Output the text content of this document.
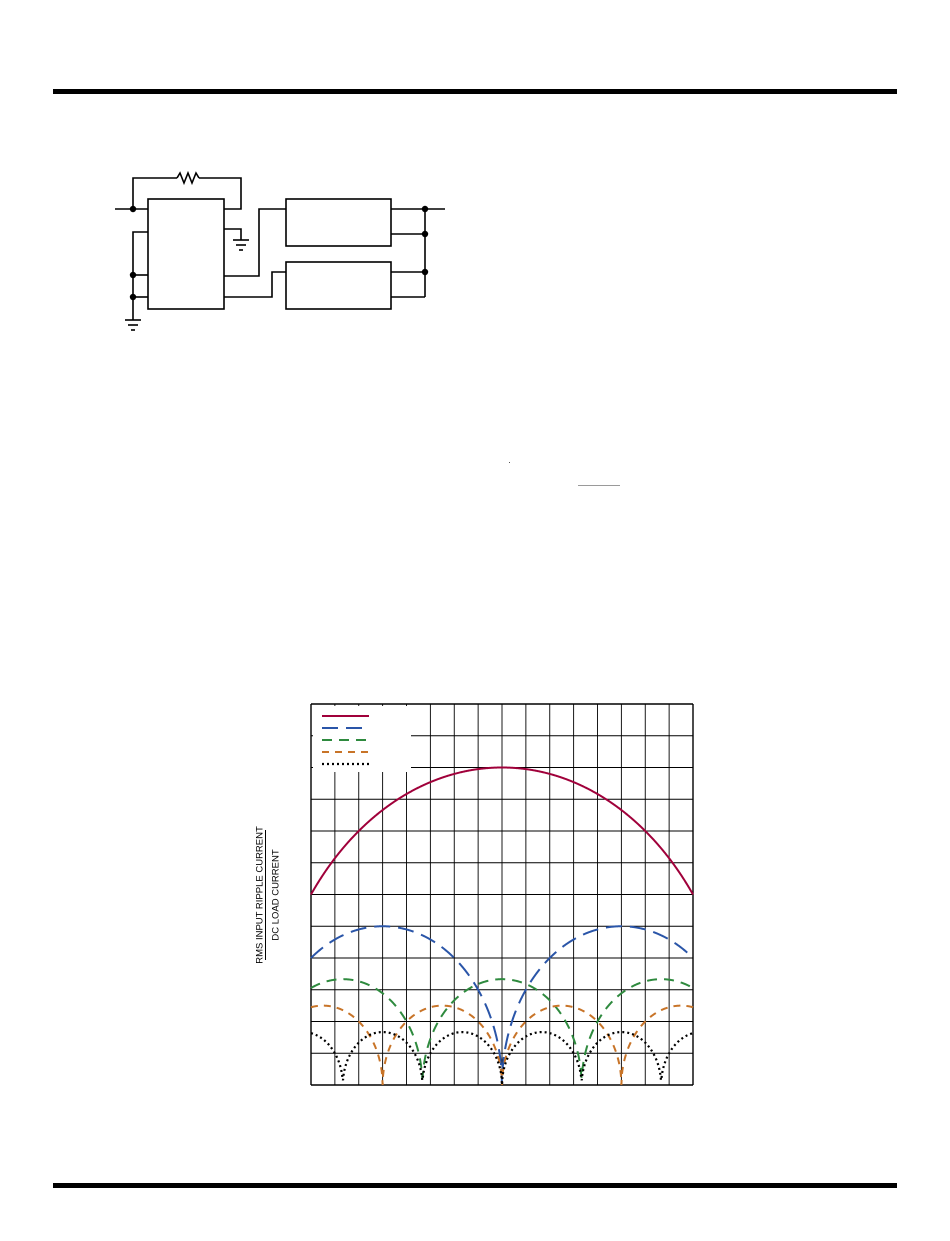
RMS INPUT RIPPLE CURRENT DC LOAD CURRENT
